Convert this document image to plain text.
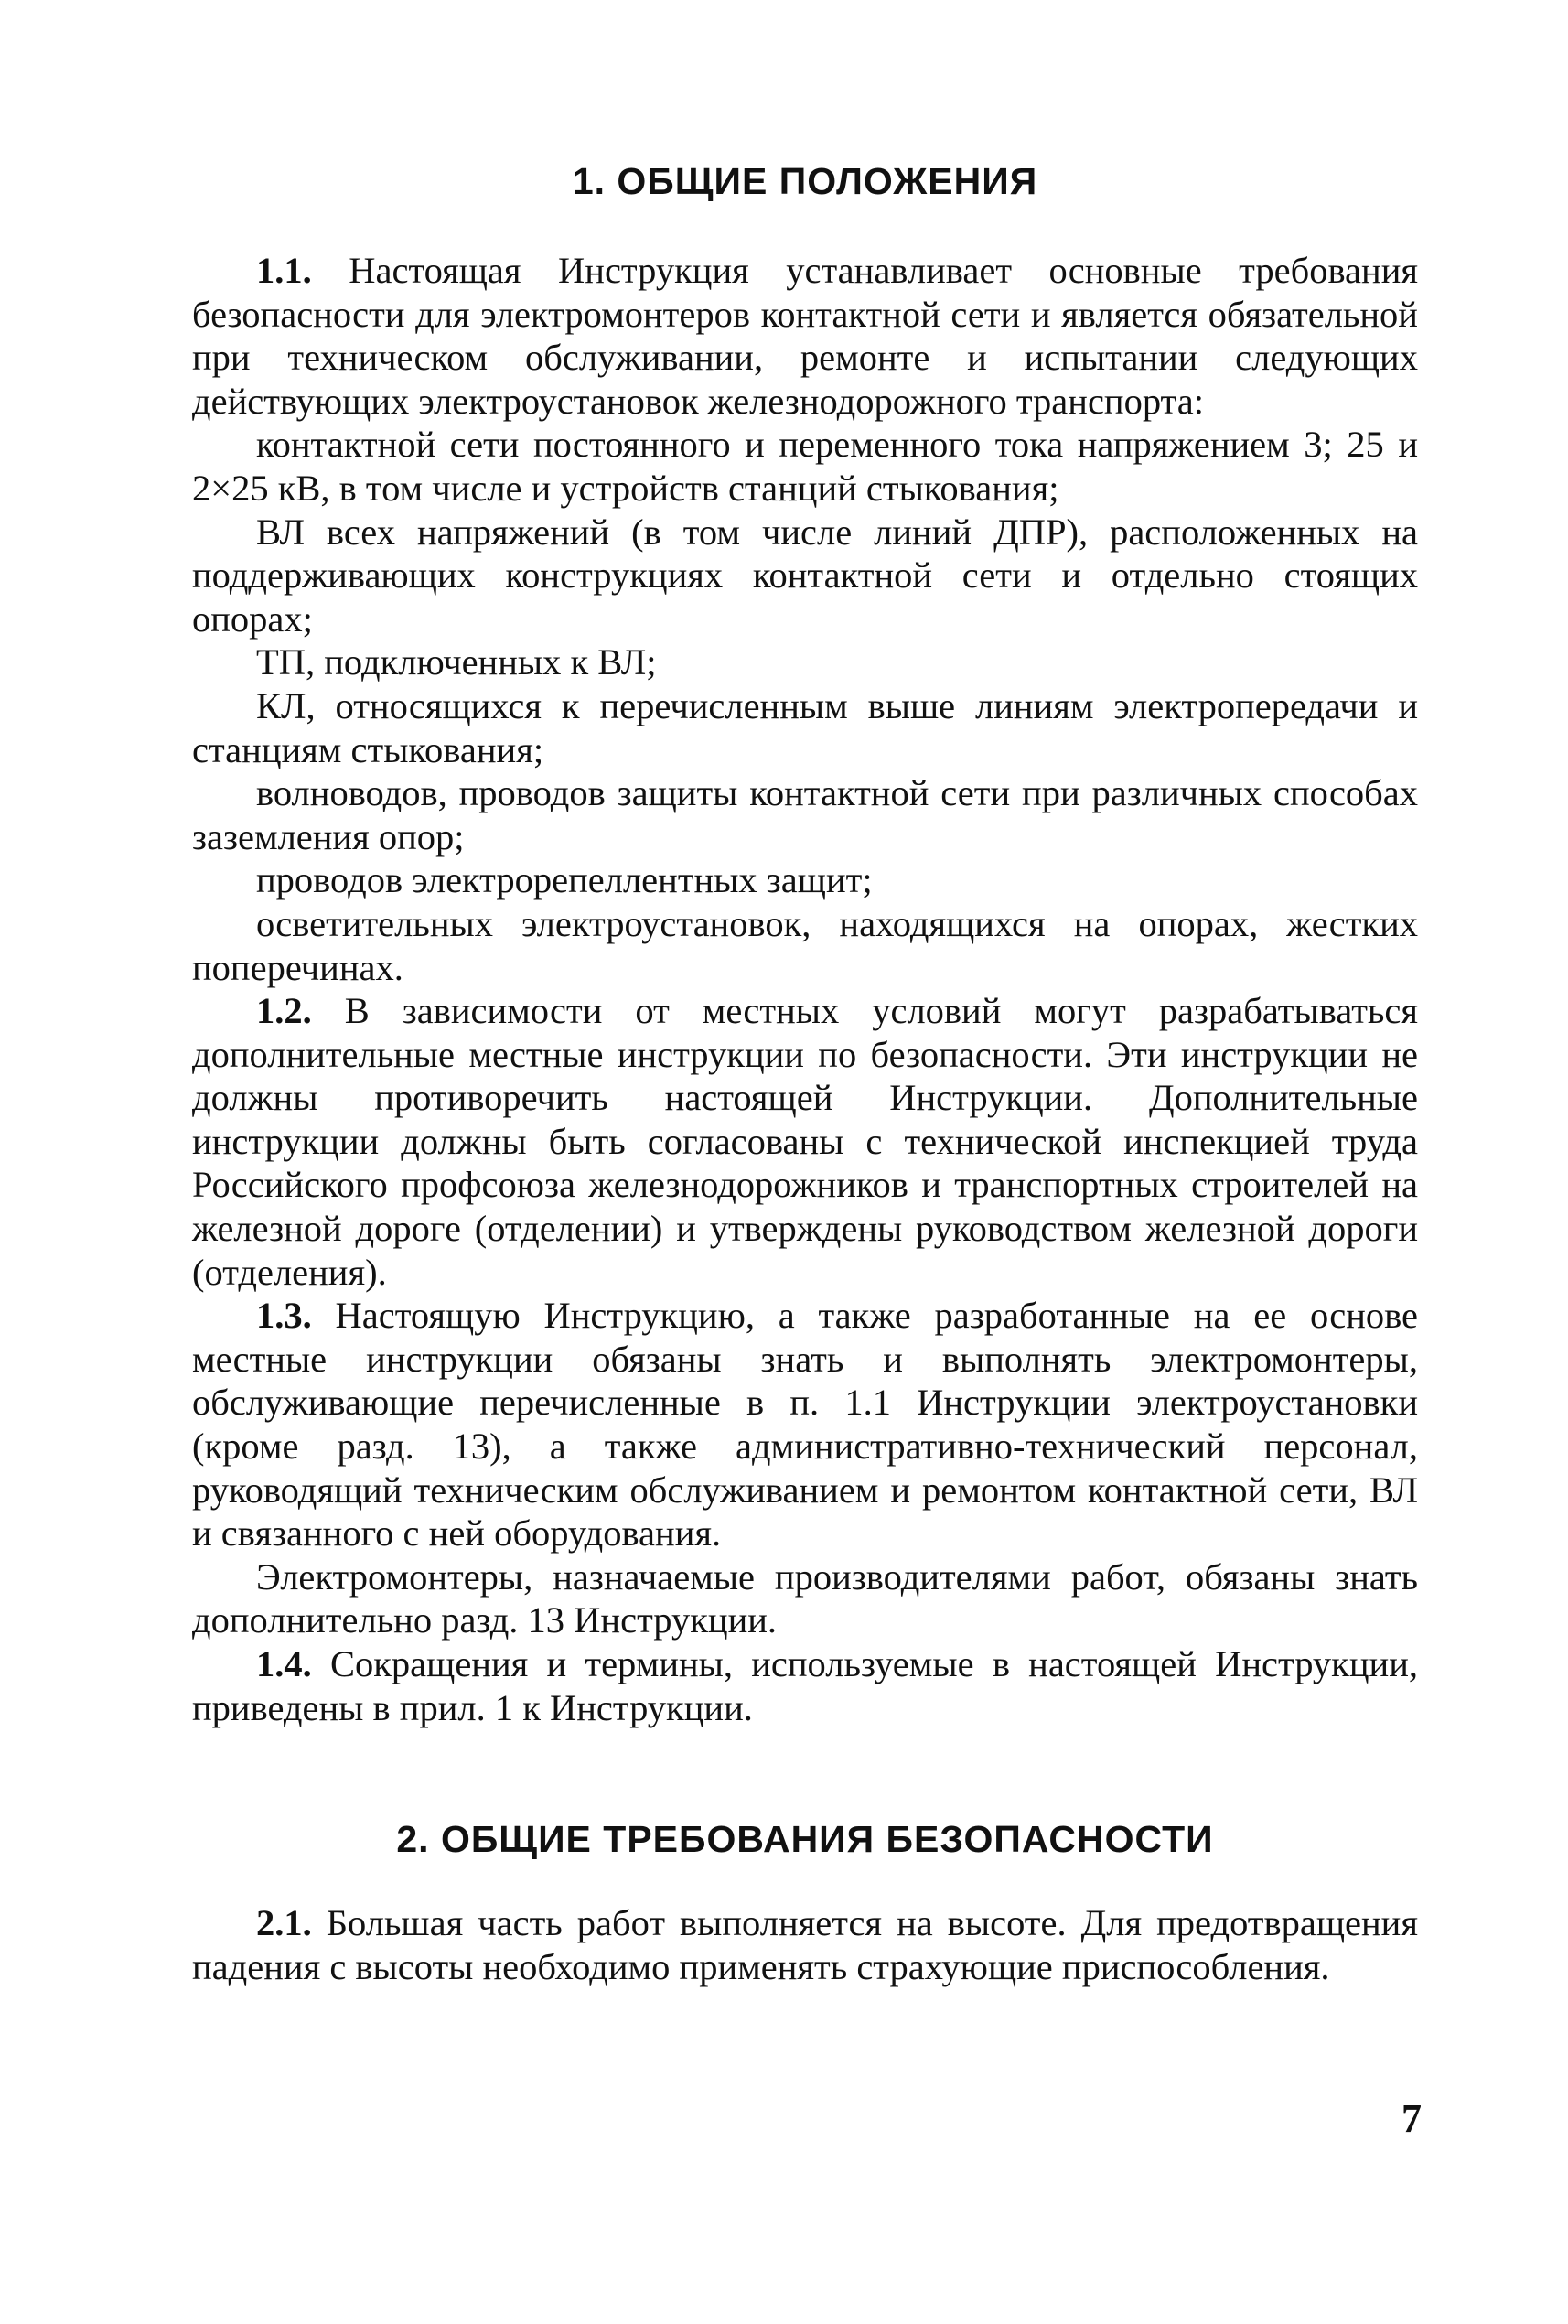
1. ОБЩИЕ ПОЛОЖЕНИЯ

1.1. Настоящая Инструкция устанавливает основные требования безопасности для электромонтеров контактной сети и является обязательной при техническом обслуживании, ремонте и испытании следующих действующих электроустановок железнодорожного транспорта:

контактной сети постоянного и переменного тока напряжением 3; 25 и 2×25 кВ, в том числе и устройств станций стыкования;

ВЛ всех напряжений (в том числе линий ДПР), расположенных на поддерживающих конструкциях контактной сети и отдельно стоящих опорах;

ТП, подключенных к ВЛ;

КЛ, относящихся к перечисленным выше линиям электропередачи и станциям стыкования;

волноводов, проводов защиты контактной сети при различных способах заземления опор;

проводов электрорепеллентных защит;

осветительных электроустановок, находящихся на опорах, жестких поперечинах.

1.2. В зависимости от местных условий могут разрабатываться дополнительные местные инструкции по безопасности. Эти инструкции не должны противоречить настоящей Инструкции. Дополнительные инструкции должны быть согласованы с технической инспекцией труда Российского профсоюза железнодорожников и транспортных строителей на железной дороге (отделении) и утверждены руководством железной дороги (отделения).

1.3. Настоящую Инструкцию, а также разработанные на ее основе местные инструкции обязаны знать и выполнять электромонтеры, обслуживающие перечисленные в п. 1.1 Инструкции электроустановки (кроме разд. 13), а также административно-технический персонал, руководящий техническим обслуживанием и ремонтом контактной сети, ВЛ и связанного с ней оборудования.

Электромонтеры, назначаемые производителями работ, обязаны знать дополнительно разд. 13 Инструкции.

1.4. Сокращения и термины, используемые в настоящей Инструкции, приведены в прил. 1 к Инструкции.

2. ОБЩИЕ ТРЕБОВАНИЯ БЕЗОПАСНОСТИ

2.1. Большая часть работ выполняется на высоте. Для предотвращения падения с высоты необходимо применять страхующие приспособления.

7
